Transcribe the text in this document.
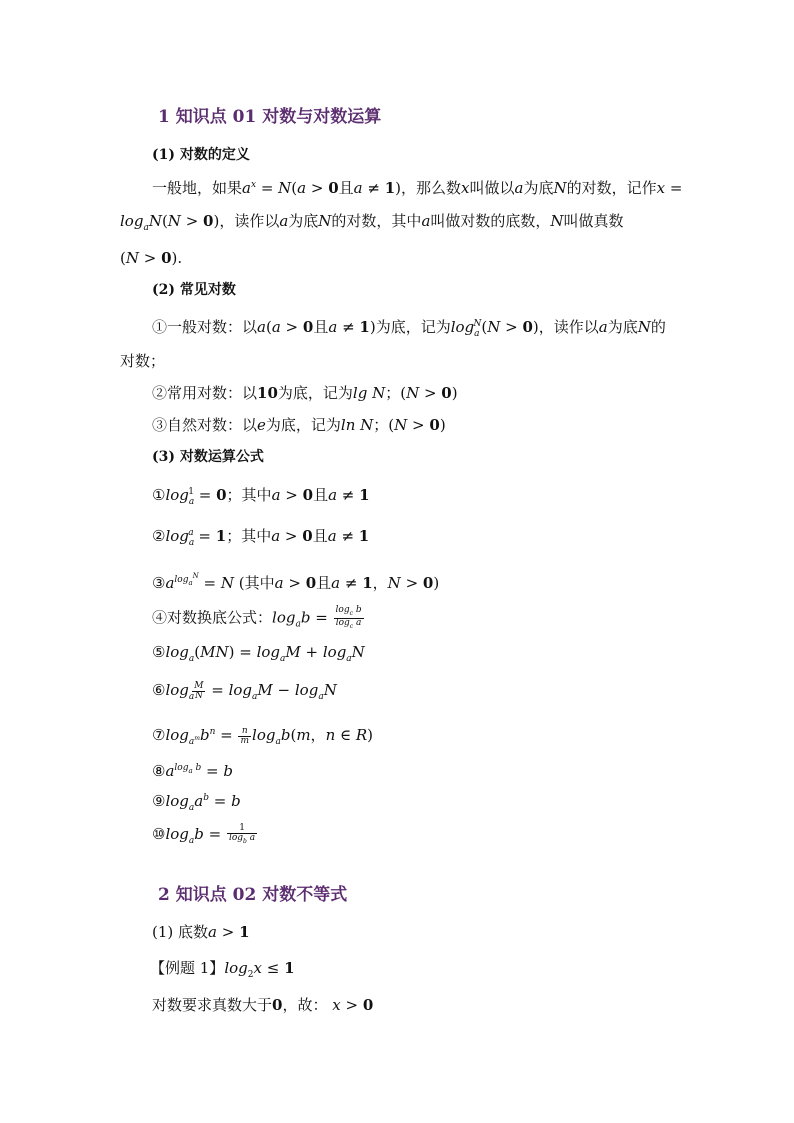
1 知识点 01 对数与对数运算
(1) 对数的定义
一般地，如果$a^x = N(a > 0$且a ≠ 1)，那么数x叫做以a为底N的对数，记作x =
$\log_aN(N > 0)$，读作以a为底N的对数，其中a叫做对数的底数，N叫做真数
(N > 0).
(2) 常见对数
①一般对数：以a(a > 0且a ≠ 1)为底，记为$\log_a^N(N > 0)$，读作以a为底N的
对数；
②常用对数：以10为底，记为lg N；(N > 0)
③自然对数：以e为底，记为ln N；(N > 0)
(3) 对数运算公式
$①\log_a^1 = 0$；其中a > 0且a ≠ 1
$②\log_a^a = 1$；其中a > 0且a ≠ 1
$③a^{log_a^N} = N$ (其中a > 0且a ≠ 1，N > 0)
④对数换底公式：$\log_ab = \frac{\log_c b}{\log_c a}$
$⑤\log_a(MN) = \log_aM + \log_aN$
$⑥\log_a$
$\frac{M}{N} = \log_aM - \log_aN$
$⑦\log_{a^m}b^n = \frac{n}{m} \log_ab(m$，n ∈ R)
$⑧a^{log_a b} = b$
$⑨\log_aa^b = b$
$⑩\log_ab = \frac{1}{\log_b a}$
2 知识点 02 对数不等式
(1) 底数a > 1
【例题 1】$\log_2x \le 1$
对数要求真数大于0，故： x > 0
